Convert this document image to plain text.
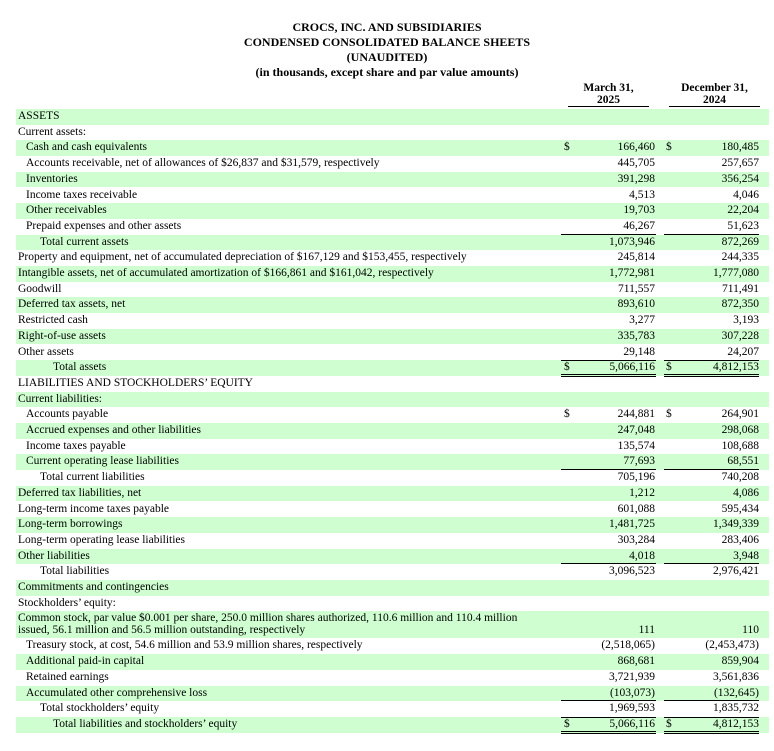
CROCS, INC. AND SUBSIDIARIES
CONDENSED CONSOLIDATED BALANCE SHEETS
(UNAUDITED)
(in thousands, except share and par value amounts)
March 31,
2025
December 31,
2024
ASSETS
Current assets:
Cash and cash equivalents	$	166,460 $	180,485
Accounts receivable, net of allowances of $26,837 and $31,579, respectively	445,705	257,657
Inventories	391,298	356,254
Income taxes receivable	4,513	4,046
Other receivables	19,703	22,204
Prepaid expenses and other assets	46,267	51,623
Total current assets	1,073,946	872,269
Property and equipment, net of accumulated depreciation of $167,129 and $153,455, respectively	245,814	244,335
Intangible assets, net of accumulated amortization of $166,861 and $161,042, respectively	1,772,981	1,777,080
Goodwill	711,557	711,491
Deferred tax assets, net	893,610	872,350
Restricted cash	3,277	3,193
Right-of-use assets	335,783	307,228
Other assets	29,148	24,207
Total assets	$	5,066,116 $	4,812,153
LIABILITIES AND STOCKHOLDERS’ EQUITY
Current liabilities:
Accounts payable	$	244,881 $	264,901
Accrued expenses and other liabilities	247,048	298,068
Income taxes payable	135,574	108,688
Current operating lease liabilities	77,693	68,551
Total current liabilities	705,196	740,208
Deferred tax liabilities, net	1,212	4,086
Long-term income taxes payable	601,088	595,434
Long-term borrowings	1,481,725	1,349,339
Long-term operating lease liabilities	303,284	283,406
Other liabilities	4,018	3,948
Total liabilities	3,096,523	2,976,421
Commitments and contingencies
Stockholders’ equity:
Common stock, par value $0.001 per share, 250.0 million shares authorized, 110.6 million and 110.4 million issued, 56.1 million and 56.5 million outstanding, respectively	111	110
Treasury stock, at cost, 54.6 million and 53.9 million shares, respectively	(2,518,065)	(2,453,473)
Additional paid-in capital	868,681	859,904
Retained earnings	3,721,939	3,561,836
Accumulated other comprehensive loss	(103,073)	(132,645)
Total stockholders’ equity	1,969,593	1,835,732
Total liabilities and stockholders’ equity	$	5,066,116 $	4,812,153
